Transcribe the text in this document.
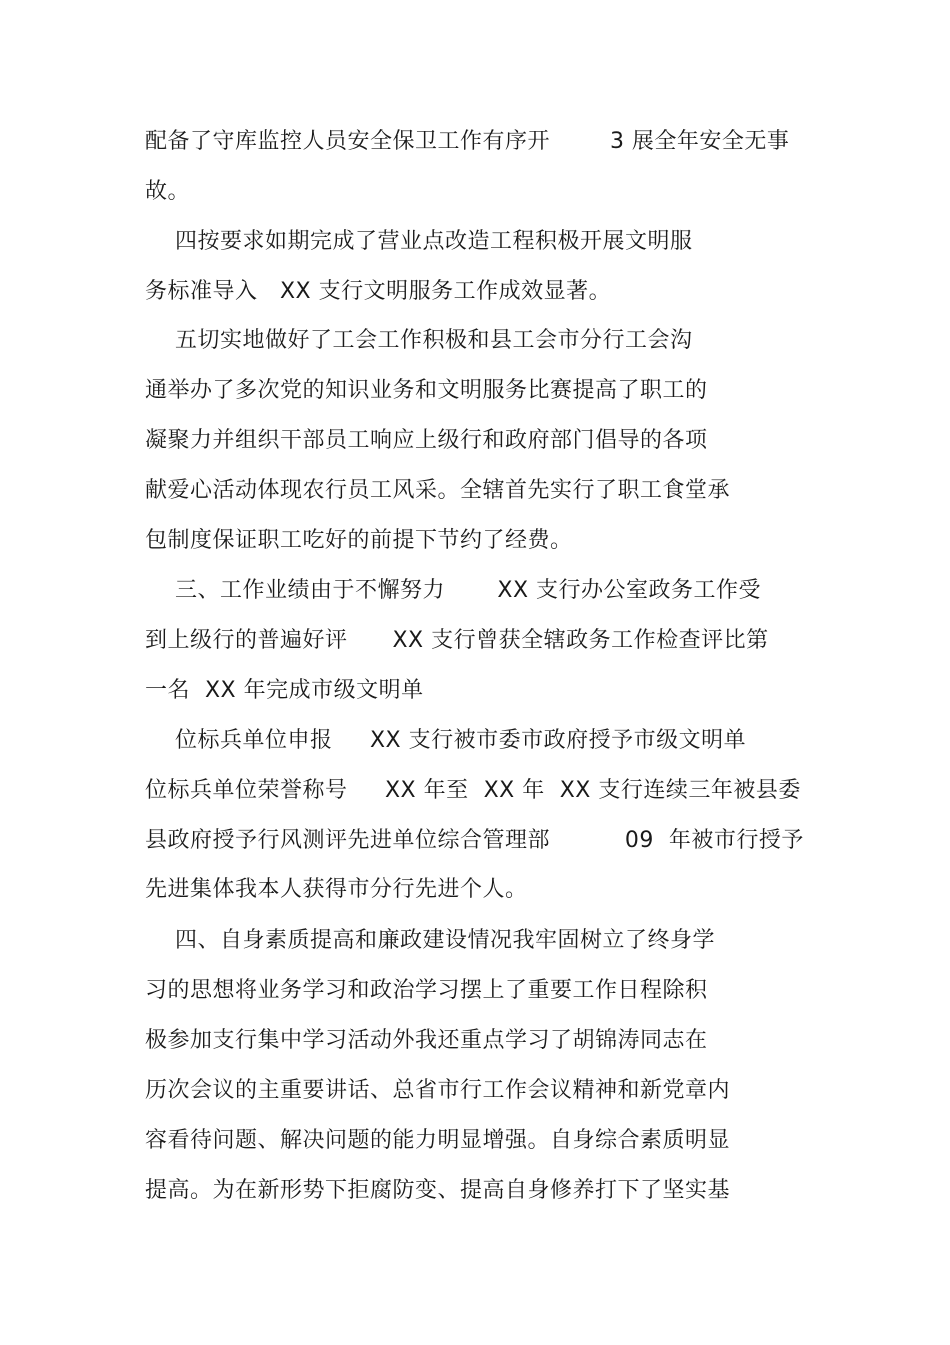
配备了守库监控人员安全保卫工作有序开        3 展全年安全无事
故。
四按要求如期完成了营业点改造工程积极开展文明服
务标准导入   XX 支行文明服务工作成效显著。
五切实地做好了工会工作积极和县工会市分行工会沟
通举办了多次党的知识业务和文明服务比赛提高了职工的
凝聚力并组织干部员工响应上级行和政府部门倡导的各项
献爱心活动体现农行员工风采。全辖首先实行了职工食堂承
包制度保证职工吃好的前提下节约了经费。
三、工作业绩由于不懈努力       XX 支行办公室政务工作受
到上级行的普遍好评      XX 支行曾获全辖政务工作检查评比第
一名  XX 年完成市级文明单
位标兵单位申报     XX 支行被市委市政府授予市级文明单
位标兵单位荣誉称号     XX 年至  XX 年  XX 支行连续三年被县委
县政府授予行风测评先进单位综合管理部          09  年被市行授予
先进集体我本人获得市分行先进个人。
四、自身素质提高和廉政建设情况我牢固树立了终身学
习的思想将业务学习和政治学习摆上了重要工作日程除积
极参加支行集中学习活动外我还重点学习了胡锦涛同志在
历次会议的主重要讲话、总省市行工作会议精神和新党章内
容看待问题、解决问题的能力明显增强。自身综合素质明显
提高。为在新形势下拒腐防变、提高自身修养打下了坚实基
